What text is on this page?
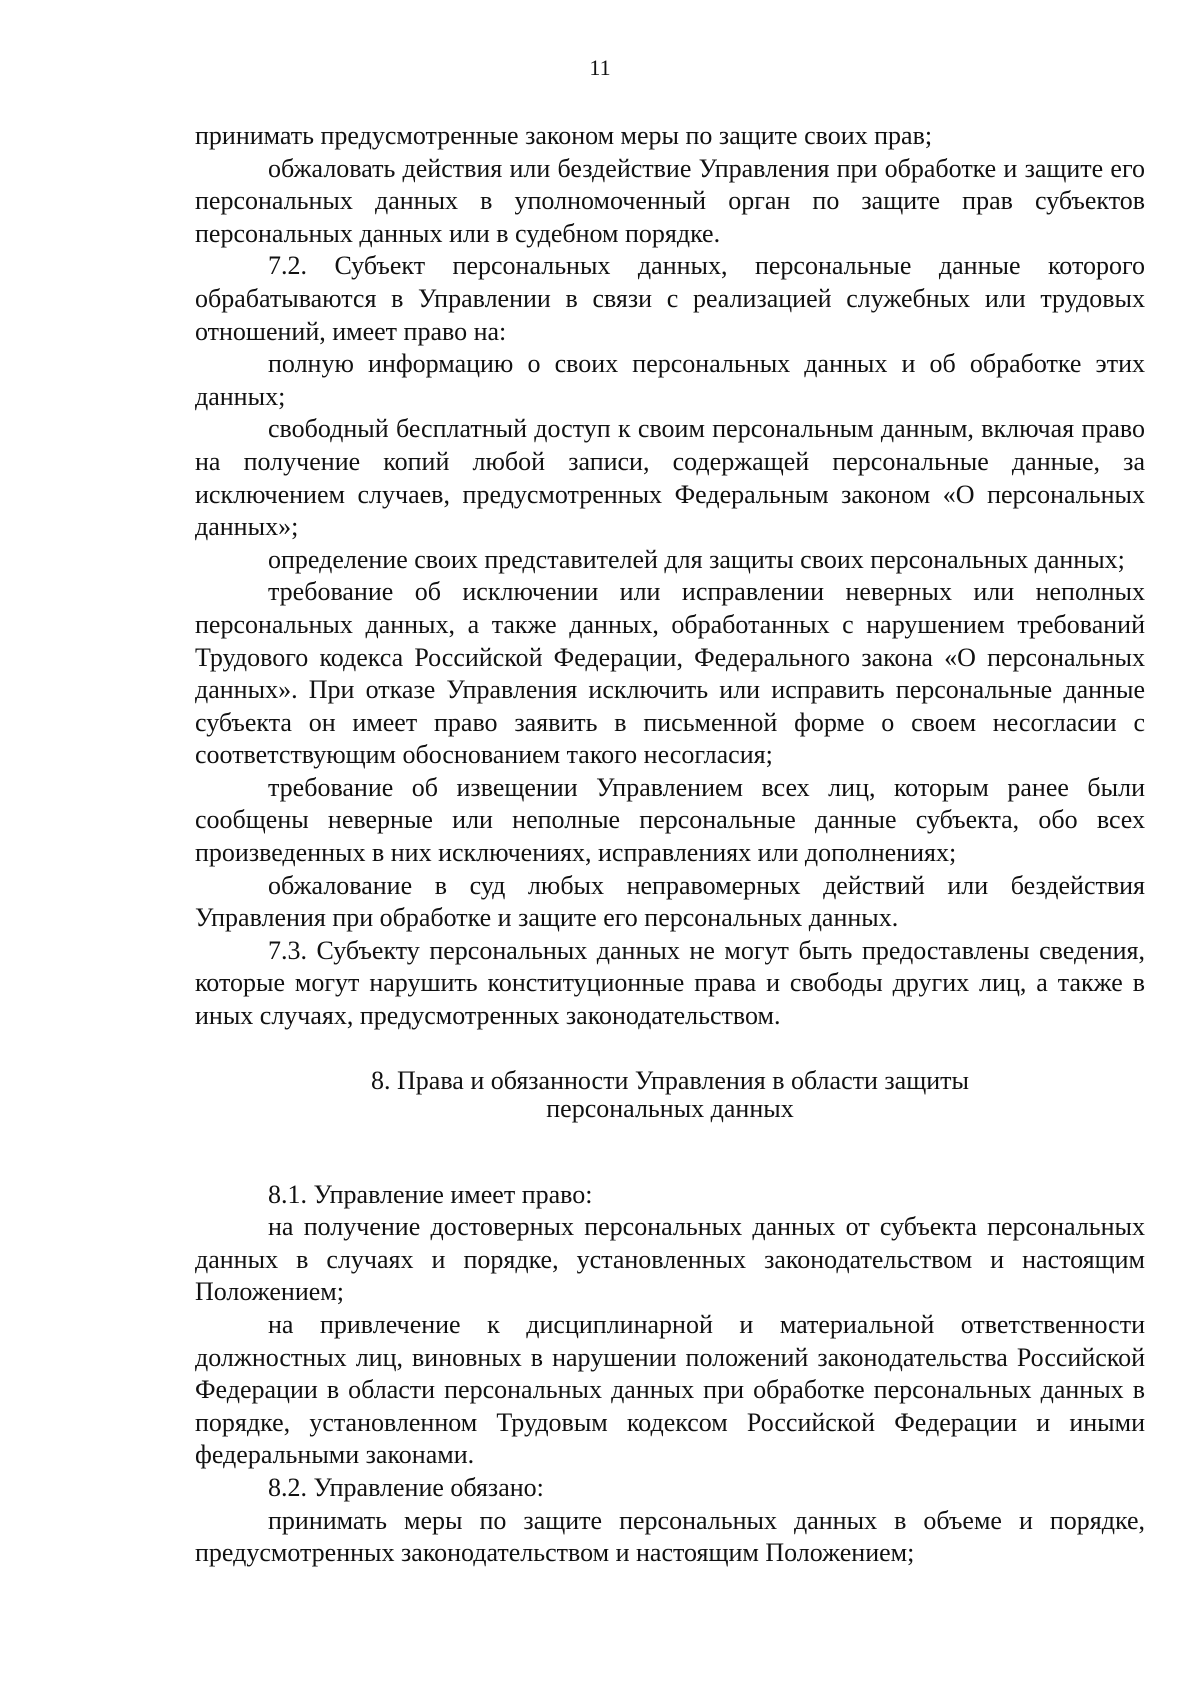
11

принимать предусмотренные законом меры по защите своих прав;

обжаловать действия или бездействие Управления при обработке и защите его персональных данных в уполномоченный орган по защите прав субъектов персональных данных или в судебном порядке.

7.2. Субъект персональных данных, персональные данные которого обрабатываются в Управлении в связи с реализацией служебных или трудовых отношений, имеет право на:

полную информацию о своих персональных данных и об обработке этих данных;

свободный бесплатный доступ к своим персональным данным, включая право на получение копий любой записи, содержащей персональные данные, за исключением случаев, предусмотренных Федеральным законом «О персональных данных»;

определение своих представителей для защиты своих персональных данных;

требование об исключении или исправлении неверных или неполных персональных данных, а также данных, обработанных с нарушением требований Трудового кодекса Российской Федерации, Федерального закона «О персональных данных». При отказе Управления исключить или исправить персональные данные субъекта он имеет право заявить в письменной форме о своем несогласии с соответствующим обоснованием такого несогласия;

требование об извещении Управлением всех лиц, которым ранее были сообщены неверные или неполные персональные данные субъекта, обо всех произведенных в них исключениях, исправлениях или дополнениях;

обжалование в суд любых неправомерных действий или бездействия Управления при обработке и защите его персональных данных.

7.3. Субъекту персональных данных не могут быть предоставлены сведения, которые могут нарушить конституционные права и свободы других лиц, а также в иных случаях, предусмотренных законодательством.

8. Права и обязанности Управления в области защиты
персональных данных

8.1. Управление имеет право:

на получение достоверных персональных данных от субъекта персональных данных в случаях и порядке, установленных законодательством и настоящим Положением;

на привлечение к дисциплинарной и материальной ответственности должностных лиц, виновных в нарушении положений законодательства Российской Федерации в области персональных данных при обработке персональных данных в порядке, установленном Трудовым кодексом Российской Федерации и иными федеральными законами.

8.2. Управление обязано:

принимать меры по защите персональных данных в объеме и порядке, предусмотренных законодательством и настоящим Положением;
